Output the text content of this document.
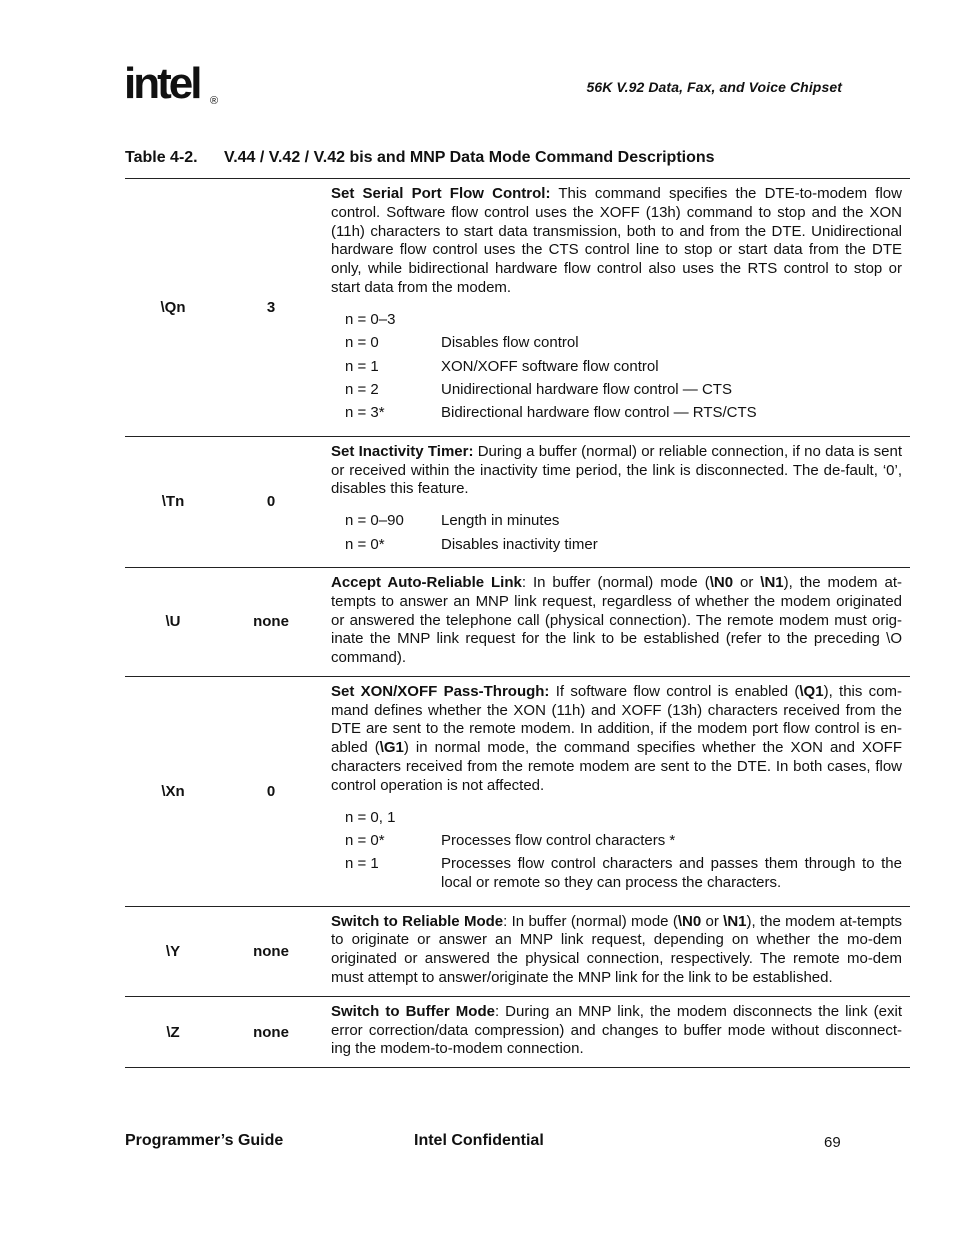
intel ®
56K V.92 Data, Fax, and Voice Chipset
Table 4-2. V.44 / V.42 / V.42 bis and MNP Data Mode Command Descriptions
\Qn	3

Set Serial Port Flow Control: This command specifies the DTE-to-modem flow control. Software flow control uses the XOFF (13h) command to stop and the XON (11h) characters to start data transmission, both to and from the DTE. Unidirectional hardware flow control uses the CTS control line to stop or start data from the DTE only, while bidirectional hardware flow control also uses the RTS control to stop or start data from the modem.

n = 0–3
n = 0	Disables flow control
n = 1	XON/XOFF software flow control
n = 2	Unidirectional hardware flow control — CTS
n = 3*	Bidirectional hardware flow control — RTS/CTS
\Tn	0

Set Inactivity Timer: During a buffer (normal) or reliable connection, if no data is sent or received within the inactivity time period, the link is disconnected. The de-fault, ‘0’, disables this feature.

n = 0–90	Length in minutes
n = 0*	Disables inactivity timer
\U	none

Accept Auto-Reliable Link: In buffer (normal) mode (\N0 or \N1), the modem at-tempts to answer an MNP link request, regardless of whether the modem originated or answered the telephone call (physical connection). The remote modem must orig-inate the MNP link request for the link to be established (refer to the preceding \O command).

\Xn	0

Set XON/XOFF Pass-Through: If software flow control is enabled (\Q1), this com-mand defines whether the XON (11h) and XOFF (13h) characters received from the DTE are sent to the remote modem. In addition, if the modem port flow control is en-abled (\G1) in normal mode, the command specifies whether the XON and XOFF characters received from the remote modem are sent to the DTE. In both cases, flow control operation is not affected.

n = 0, 1
n = 0*	Processes flow control characters *
n = 1	Processes flow control characters and passes them through to the local or remote so they can process the characters.
\Y	none

Switch to Reliable Mode: In buffer (normal) mode (\N0 or \N1), the modem at-tempts to originate or answer an MNP link request, depending on whether the mo-dem originated or answered the physical connection, respectively. The remote mo-dem must attempt to answer/originate the MNP link for the link to be established.

\Z	none

Switch to Buffer Mode: During an MNP link, the modem disconnects the link (exit error correction/data compression) and changes to buffer mode without disconnect-ing the modem-to-modem connection.

Programmer’s Guide	Intel Confidential	69
